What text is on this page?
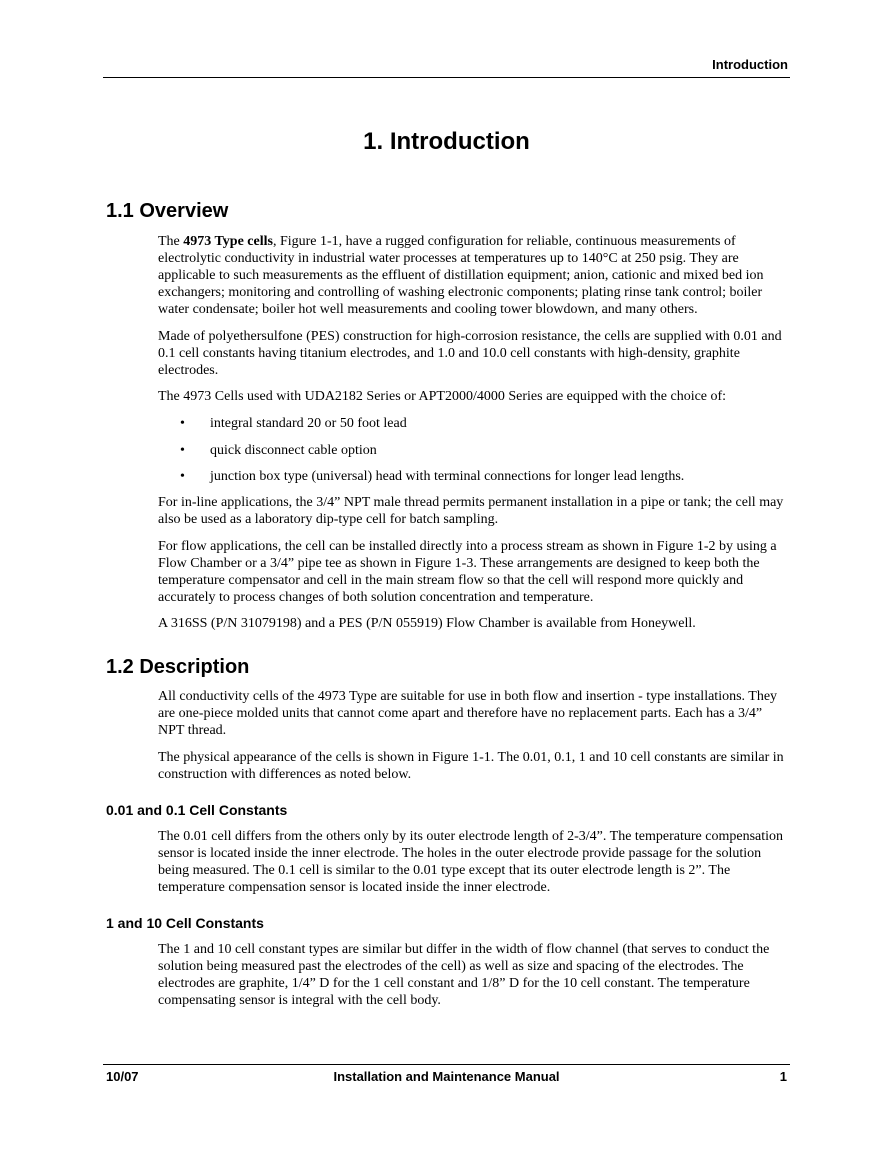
Introduction
1. Introduction
1.1 Overview

The 4973 Type cells, Figure 1-1, have a rugged configuration for reliable, continuous measurements of electrolytic conductivity in industrial water processes at temperatures up to 140°C at 250 psig. They are applicable to such measurements as the effluent of distillation equipment; anion, cationic and mixed bed ion exchangers; monitoring and controlling of washing electronic components; plating rinse tank control; boiler water condensate; boiler hot well measurements and cooling tower blowdown, and many others.

Made of polyethersulfone (PES) construction for high-corrosion resistance, the cells are supplied with 0.01 and 0.1 cell constants having titanium electrodes, and 1.0 and 10.0 cell constants with high-density, graphite electrodes.

The 4973 Cells used with UDA2182 Series or APT2000/4000 Series are equipped with the choice of:

• integral standard 20 or 50 foot lead
• quick disconnect cable option
• junction box type (universal) head with terminal connections for longer lead lengths.

For in-line applications, the 3/4” NPT male thread permits permanent installation in a pipe or tank; the cell may also be used as a laboratory dip-type cell for batch sampling.

For flow applications, the cell can be installed directly into a process stream as shown in Figure 1-2 by using a Flow Chamber or a 3/4” pipe tee as shown in Figure 1-3. These arrangements are designed to keep both the temperature compensator and cell in the main stream flow so that the cell will respond more quickly and accurately to process changes of both solution concentration and temperature.

A 316SS (P/N 31079198) and a PES (P/N 055919) Flow Chamber is available from Honeywell.

1.2 Description

All conductivity cells of the 4973 Type are suitable for use in both flow and insertion - type installations. They are one-piece molded units that cannot come apart and therefore have no replacement parts. Each has a 3/4” NPT thread.

The physical appearance of the cells is shown in Figure 1-1. The 0.01, 0.1, 1 and 10 cell constants are similar in construction with differences as noted below.

0.01 and 0.1 Cell Constants

The 0.01 cell differs from the others only by its outer electrode length of 2-3/4”. The temperature compensation sensor is located inside the inner electrode. The holes in the outer electrode provide passage for the solution being measured. The 0.1 cell is similar to the 0.01 type except that its outer electrode length is 2”. The temperature compensation sensor is located inside the inner electrode.

1 and 10 Cell Constants

The 1 and 10 cell constant types are similar but differ in the width of flow channel (that serves to conduct the solution being measured past the electrodes of the cell) as well as size and spacing of the electrodes. The electrodes are graphite, 1/4” D for the 1 cell constant and 1/8” D for the 10 cell constant. The temperature compensating sensor is integral with the cell body.

10/07	Installation and Maintenance Manual	1
